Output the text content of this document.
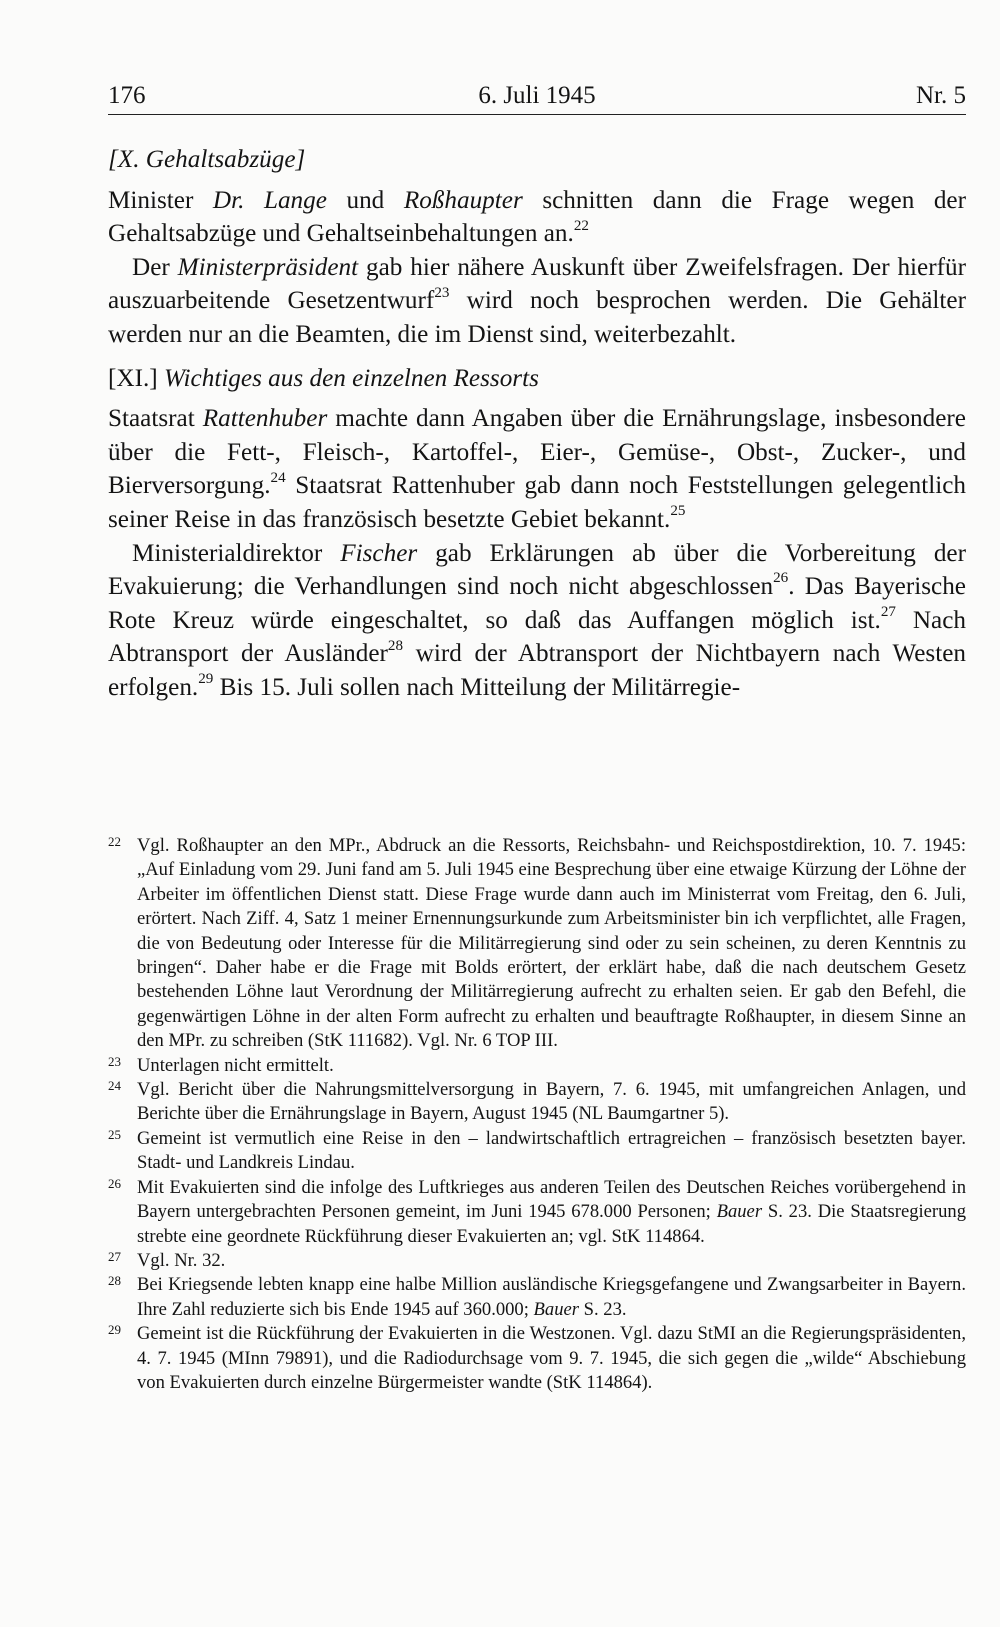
176	6. Juli 1945	Nr. 5
[X. Gehaltsabzüge]

Minister Dr. Lange und Roßhaupter schnitten dann die Frage wegen der Gehaltsabzüge und Gehaltseinbehaltungen an.$^{22}$

Der Ministerpräsident gab hier nähere Auskunft über Zweifelsfragen. Der hierfür auszuarbeitende Gesetzentwurf$^{23}$ wird noch besprochen werden. Die Gehälter werden nur an die Beamten, die im Dienst sind, weiterbezahlt.

[XI.] Wichtiges aus den einzelnen Ressorts

Staatsrat Rattenhuber machte dann Angaben über die Ernährungslage, insbesondere über die Fett-, Fleisch-, Kartoffel-, Eier-, Gemüse-, Obst-, Zucker-, und Bierversorgung.$^{24}$ Staatsrat Rattenhuber gab dann noch Feststellungen gelegentlich seiner Reise in das französisch besetzte Gebiet bekannt.$^{25}$

Ministerialdirektor Fischer gab Erklärungen ab über die Vorbereitung der Evakuierung; die Verhandlungen sind noch nicht abgeschlossen$^{26}$. Das Bayerische Rote Kreuz würde eingeschaltet, so daß das Auffangen möglich ist.$^{27}$ Nach Abtransport der Ausländer$^{28}$ wird der Abtransport der Nichtbayern nach Westen erfolgen.$^{29}$ Bis 15. Juli sollen nach Mitteilung der Militärregie-

22 Vgl. Roßhaupter an den MPr., Abdruck an die Ressorts, Reichsbahn- und Reichspostdirektion, 10. 7. 1945: „Auf Einladung vom 29. Juni fand am 5. Juli 1945 eine Besprechung über eine etwaige Kürzung der Löhne der Arbeiter im öffentlichen Dienst statt. Diese Frage wurde dann auch im Ministerrat vom Freitag, den 6. Juli, erörtert. Nach Ziff. 4, Satz 1 meiner Ernennungsurkunde zum Arbeitsminister bin ich verpflichtet, alle Fragen, die von Bedeutung oder Interesse für die Militärregierung sind oder zu sein scheinen, zu deren Kenntnis zu bringen“. Daher habe er die Frage mit Bolds erörtert, der erklärt habe, daß die nach deutschem Gesetz bestehenden Löhne laut Verordnung der Militärregierung aufrecht zu erhalten seien. Er gab den Befehl, die gegenwärtigen Löhne in der alten Form aufrecht zu erhalten und beauftragte Roßhaupter, in diesem Sinne an den MPr. zu schreiben (StK 111682). Vgl. Nr. 6 TOP III.
23 Unterlagen nicht ermittelt.
24 Vgl. Bericht über die Nahrungsmittelversorgung in Bayern, 7. 6. 1945, mit umfangreichen Anlagen, und Berichte über die Ernährungslage in Bayern, August 1945 (NL Baumgartner 5).
25 Gemeint ist vermutlich eine Reise in den – landwirtschaftlich ertragreichen – französisch besetzten bayer. Stadt- und Landkreis Lindau.
26 Mit Evakuierten sind die infolge des Luftkrieges aus anderen Teilen des Deutschen Reiches vorübergehend in Bayern untergebrachten Personen gemeint, im Juni 1945 678.000 Personen; Bauer S. 23. Die Staatsregierung strebte eine geordnete Rückführung dieser Evakuierten an; vgl. StK 114864.
27 Vgl. Nr. 32.
28 Bei Kriegsende lebten knapp eine halbe Million ausländische Kriegsgefangene und Zwangsarbeiter in Bayern. Ihre Zahl reduzierte sich bis Ende 1945 auf 360.000; Bauer S. 23.
29 Gemeint ist die Rückführung der Evakuierten in die Westzonen. Vgl. dazu StMI an die Regierungspräsidenten, 4. 7. 1945 (MInn 79891), und die Radiodurchsage vom 9. 7. 1945, die sich gegen die „wilde“ Abschiebung von Evakuierten durch einzelne Bürgermeister wandte (StK 114864).
